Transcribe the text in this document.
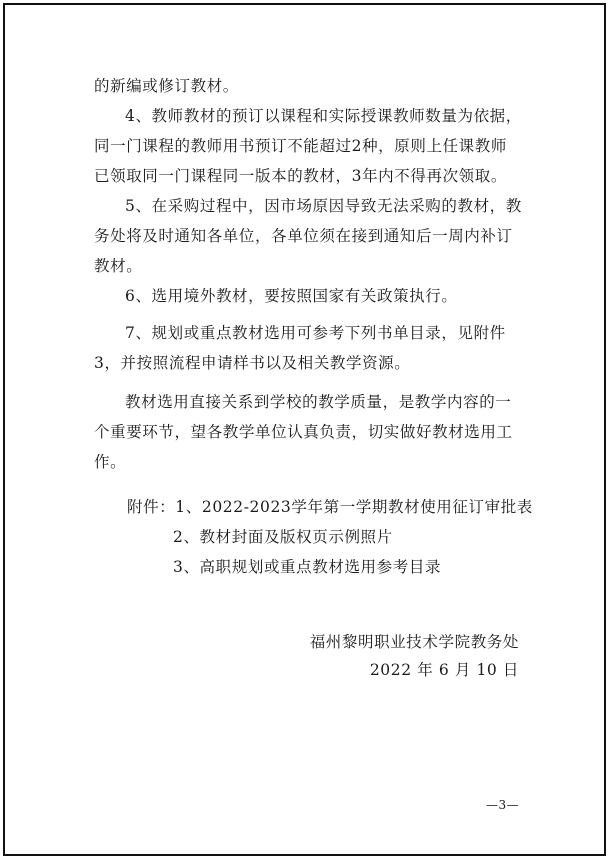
的新编或修订教材。

4、教师教材的预订以课程和实际授课教师数量为依据，同一门课程的教师用书预订不能超过2种，原则上任课教师已领取同一门课程同一版本的教材，3年内不得再次领取。

5、在采购过程中，因市场原因导致无法采购的教材，教务处将及时通知各单位，各单位须在接到通知后一周内补订教材。

6、选用境外教材，要按照国家有关政策执行。

7、规划或重点教材选用可参考下列书单目录，见附件3，并按照流程申请样书以及相关教学资源。

教材选用直接关系到学校的教学质量，是教学内容的一个重要环节，望各教学单位认真负责，切实做好教材选用工作。

附件：1、2022-2023学年第一学期教材使用征订审批表
2、教材封面及版权页示例照片
3、高职规划或重点教材选用参考目录
福州黎明职业技术学院教务处
2022 年 6 月 10 日
—3—
